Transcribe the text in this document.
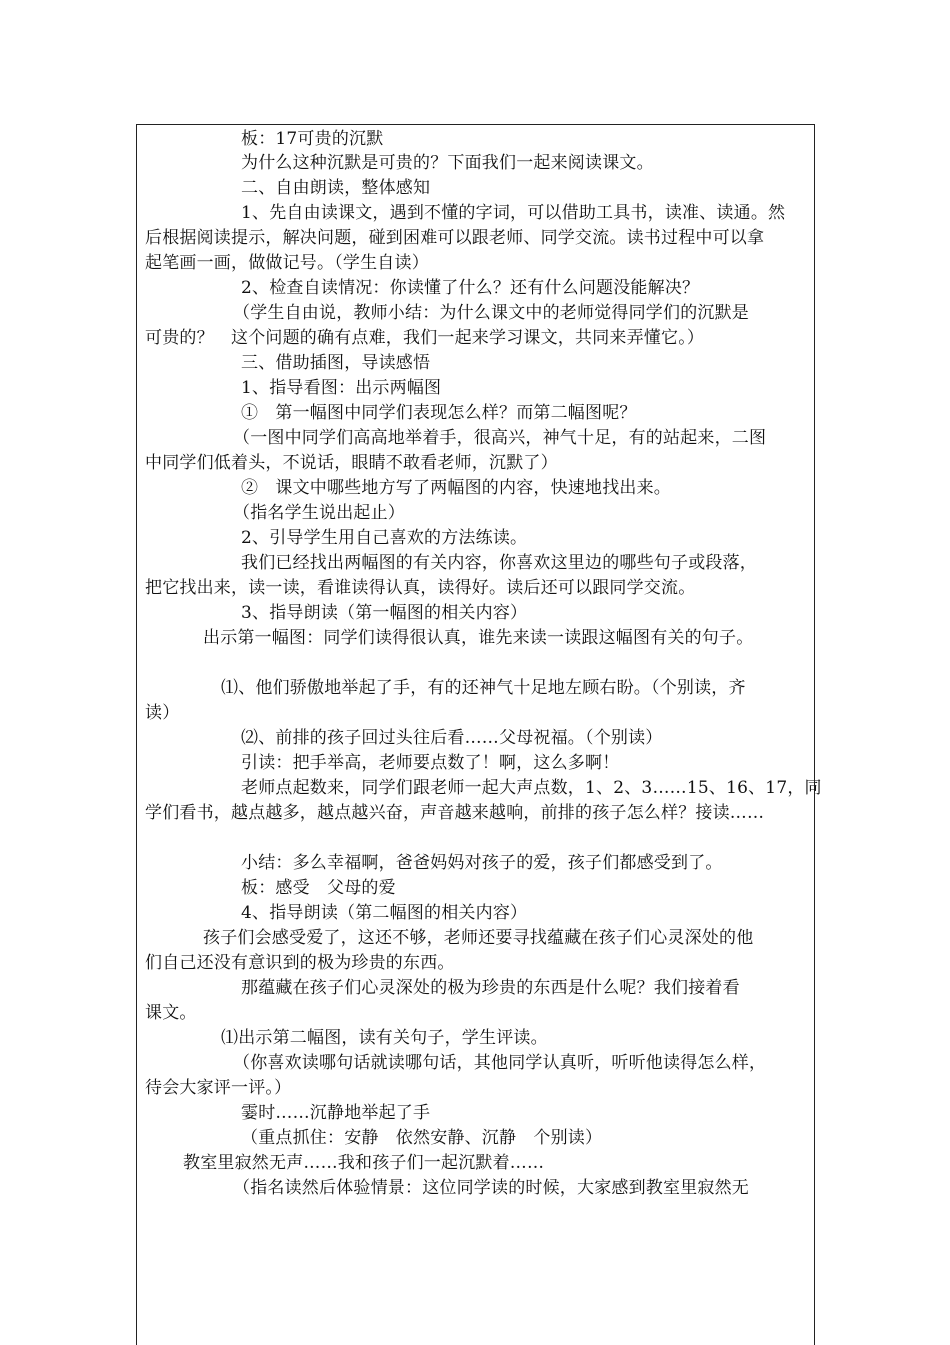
板：17可贵的沉默
为什么这种沉默是可贵的？下面我们一起来阅读课文。
二、自由朗读，整体感知
1、先自由读课文，遇到不懂的字词，可以借助工具书，读准、读通。然
后根据阅读提示，解决问题，碰到困难可以跟老师、同学交流。读书过程中可以拿
起笔画一画，做做记号。（学生自读）
2、检查自读情况：你读懂了什么？还有什么问题没能解决？
（学生自由说，教师小结：为什么课文中的老师觉得同学们的沉默是
可贵的？　这个问题的确有点难，我们一起来学习课文，共同来弄懂它。）
三、借助插图，导读感悟
1、指导看图：出示两幅图
①　第一幅图中同学们表现怎么样？而第二幅图呢？
（一图中同学们高高地举着手，很高兴，神气十足，有的站起来，二图
中同学们低着头，不说话，眼睛不敢看老师，沉默了）
②　课文中哪些地方写了两幅图的内容，快速地找出来。
（指名学生说出起止）
2、引导学生用自己喜欢的方法练读。
我们已经找出两幅图的有关内容，你喜欢这里边的哪些句子或段落，
把它找出来，读一读，看谁读得认真，读得好。读后还可以跟同学交流。
3、指导朗读（第一幅图的相关内容）
出示第一幅图：同学们读得很认真，谁先来读一读跟这幅图有关的句子。
⑴、他们骄傲地举起了手，有的还神气十足地左顾右盼。（个别读，齐
读）
⑵、前排的孩子回过头往后看……父母祝福。（个别读）
引读：把手举高，老师要点数了！啊，这么多啊！
老师点起数来，同学们跟老师一起大声点数，1、2、3……15、16、17，同
学们看书，越点越多，越点越兴奋，声音越来越响，前排的孩子怎么样？接读……
小结：多么幸福啊，爸爸妈妈对孩子的爱，孩子们都感受到了。
板：感受　父母的爱
4、指导朗读（第二幅图的相关内容）
孩子们会感受爱了，这还不够，老师还要寻找蕴藏在孩子们心灵深处的他
们自己还没有意识到的极为珍贵的东西。
那蕴藏在孩子们心灵深处的极为珍贵的东西是什么呢？我们接着看
课文。
⑴出示第二幅图，读有关句子，学生评读。
（你喜欢读哪句话就读哪句话，其他同学认真听，听听他读得怎么样，
待会大家评一评。）
霎时……沉静地举起了手
（重点抓住：安静　依然安静、沉静　个别读）
教室里寂然无声……我和孩子们一起沉默着……
（指名读然后体验情景：这位同学读的时候，大家感到教室里寂然无
